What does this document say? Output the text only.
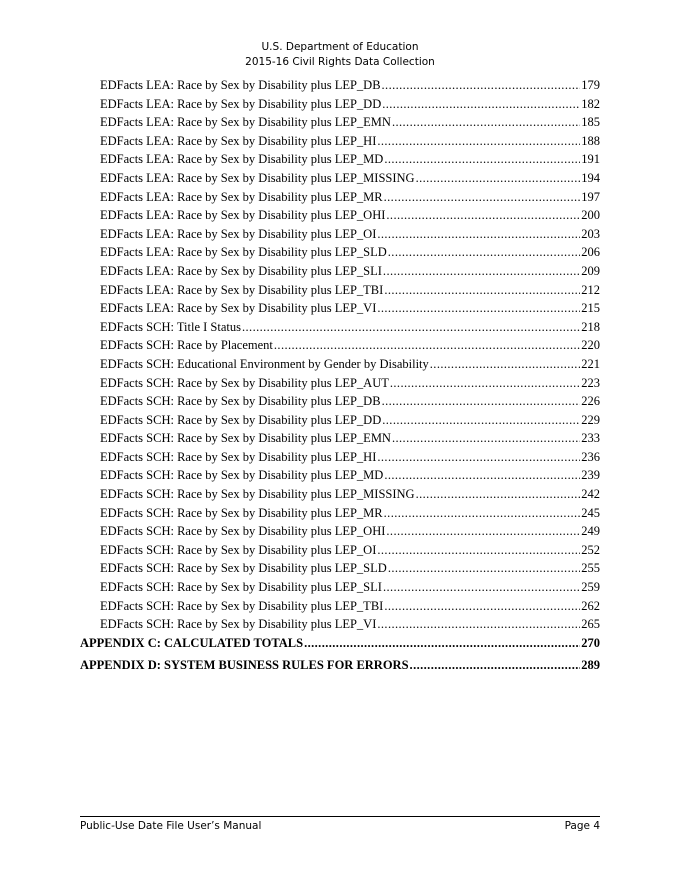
U.S. Department of Education
2015-16 Civil Rights Data Collection
EDFacts LEA: Race by Sex by Disability plus LEP_DB .....	179
EDFacts LEA: Race by Sex by Disability plus LEP_DD .....	182
EDFacts LEA: Race by Sex by Disability plus LEP_EMN .....	185
EDFacts LEA: Race by Sex by Disability plus LEP_HI .....	188
EDFacts LEA: Race by Sex by Disability plus LEP_MD .....	191
EDFacts LEA: Race by Sex by Disability plus LEP_MISSING .....	194
EDFacts LEA: Race by Sex by Disability plus LEP_MR .....	197
EDFacts LEA: Race by Sex by Disability plus LEP_OHI .....	200
EDFacts LEA: Race by Sex by Disability plus LEP_OI .....	203
EDFacts LEA: Race by Sex by Disability plus LEP_SLD .....	206
EDFacts LEA: Race by Sex by Disability plus LEP_SLI .....	209
EDFacts LEA: Race by Sex by Disability plus LEP_TBI .....	212
EDFacts LEA: Race by Sex by Disability plus LEP_VI .....	215
EDFacts SCH: Title I Status .....	218
EDFacts SCH: Race by Placement .....	220
EDFacts SCH: Educational Environment by Gender by Disability .....	221
EDFacts SCH: Race by Sex by Disability plus LEP_AUT .....	223
EDFacts SCH: Race by Sex by Disability plus LEP_DB .....	226
EDFacts SCH: Race by Sex by Disability plus LEP_DD .....	229
EDFacts SCH: Race by Sex by Disability plus LEP_EMN .....	233
EDFacts SCH: Race by Sex by Disability plus LEP_HI .....	236
EDFacts SCH: Race by Sex by Disability plus LEP_MD .....	239
EDFacts SCH: Race by Sex by Disability plus LEP_MISSING .....	242
EDFacts SCH: Race by Sex by Disability plus LEP_MR .....	245
EDFacts SCH: Race by Sex by Disability plus LEP_OHI .....	249
EDFacts SCH: Race by Sex by Disability plus LEP_OI .....	252
EDFacts SCH: Race by Sex by Disability plus LEP_SLD .....	255
EDFacts SCH: Race by Sex by Disability plus LEP_SLI .....	259
EDFacts SCH: Race by Sex by Disability plus LEP_TBI .....	262
EDFacts SCH: Race by Sex by Disability plus LEP_VI .....	265
APPENDIX C: CALCULATED TOTALS .....	270
APPENDIX D: SYSTEM BUSINESS RULES FOR ERRORS .....	289
Public-Use Date File User’s Manual	Page 4
